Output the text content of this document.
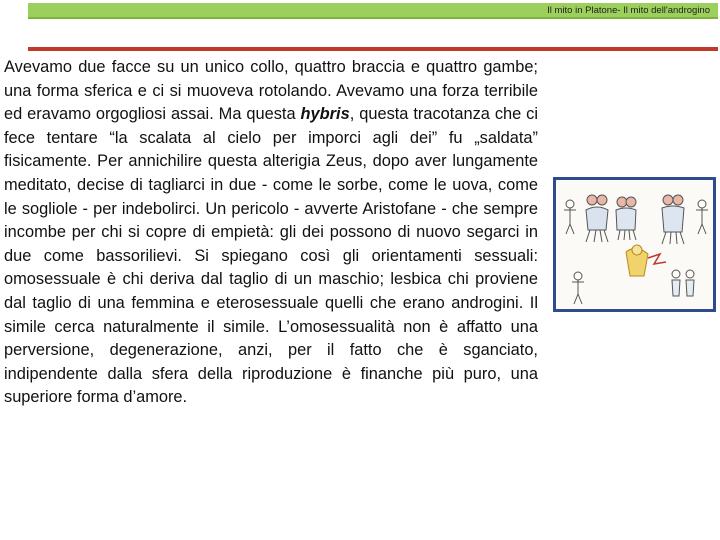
Il mito in Platone- Il mito dell'androgino

Avevamo due facce su un unico collo, quattro braccia e quattro gambe; una forma sferica e ci si muoveva rotolando. Avevamo una forza terribile ed eravamo orgogliosi assai. Ma questa hybris, questa tracotanza che ci fece tentare “la scalata al cielo per imporci agli dei” fu „saldata” fisicamente. Per annichilire questa alterigia Zeus, dopo aver lungamente meditato, decise di tagliarci in due - come le sorbe, come le uova, come le sogliole - per indebolirci. Un pericolo - avverte Aristofane - che sempre incombe per chi si copre di empietà: gli dei possono di nuovo segarci in due come bassorilievi. Si spiegano così gli orientamenti sessuali: omosessuale è chi deriva dal taglio di un maschio; lesbica chi proviene dal taglio di una femmina e eterosessuale quelli che erano androgini. Il simile cerca naturalmente il simile. L’omosessualità non è affatto una perversione, degenerazione, anzi, per il fatto che è sganciato, indipendente dalla sfera della riproduzione è finanche più puro, una superiore forma d’amore.
